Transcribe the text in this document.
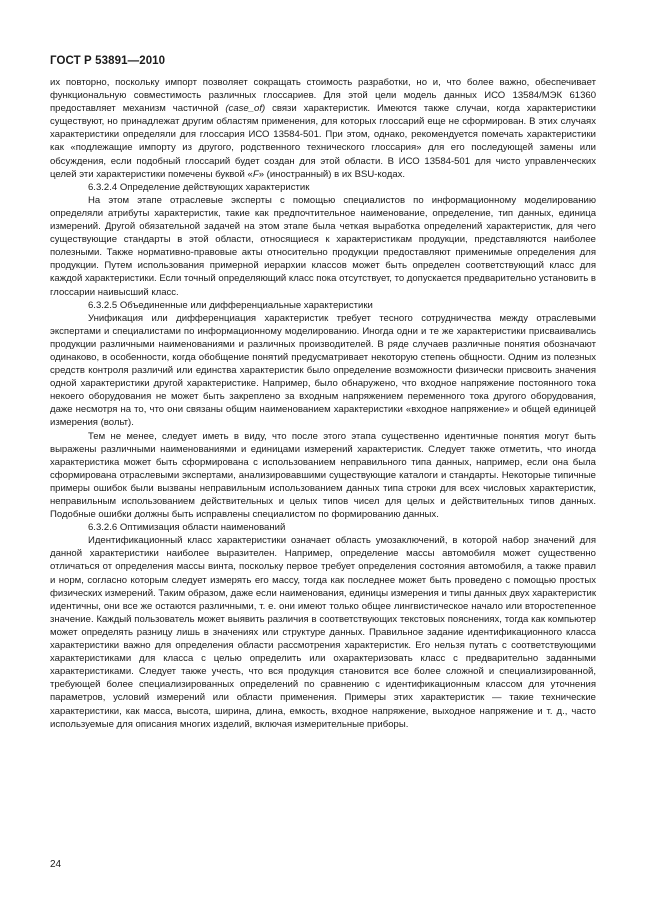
ГОСТ Р 53891—2010

их повторно, поскольку импорт позволяет сокращать стоимость разработки, но и, что более важно, обеспечивает функциональную совместимость различных глоссариев. Для этой цели модель данных ИСО 13584/МЭК 61360 предоставляет механизм частичной (case_of) связи характеристик. Имеются также случаи, когда характеристики существуют, но принадлежат другим областям применения, для которых глоссарий еще не сформирован. В этих случаях характеристики определяли для глоссария ИСО 13584-501. При этом, однако, рекомендуется помечать характеристики как «подлежащие импорту из другого, родственного технического глоссария» для его последующей замены или обсуждения, если подобный глоссарий будет создан для этой области. В ИСО 13584-501 для чисто управленческих целей эти характеристики помечены буквой «F» (иностранный) в их BSU-кодах.

6.3.2.4 Определение действующих характеристик

На этом этапе отраслевые эксперты с помощью специалистов по информационному моделированию определяли атрибуты характеристик, такие как предпочтительное наименование, определение, тип данных, единица измерений. Другой обязательной задачей на этом этапе была четкая выработка определений характеристик, для чего существующие стандарты в этой области, относящиеся к характеристикам продукции, представляются наиболее полезными. Также нормативно-правовые акты относительно продукции предоставляют применимые определения для продукции. Путем использования примерной иерархии классов может быть определен соответствующий класс для каждой характеристики. Если точный определяющий класс пока отсутствует, то допускается предварительно установить в глоссарии наивысший класс.

6.3.2.5 Объединенные или дифференциальные характеристики

Унификация или дифференциация характеристик требует тесного сотрудничества между отраслевыми экспертами и специалистами по информационному моделированию. Иногда одни и те же характеристики присваивались продукции различными наименованиями и различных производителей. В ряде случаев различные понятия обозначают одинаково, в особенности, когда обобщение понятий предусматривает некоторую степень общности. Одним из полезных средств контроля различий или единства характеристик было определение возможности физически присвоить значения одной характеристики другой характеристике. Например, было обнаружено, что входное напряжение постоянного тока некоего оборудования не может быть закреплено за входным напряжением переменного тока другого оборудования, даже несмотря на то, что они связаны общим наименованием характеристики «входное напряжение» и общей единицей измерения (вольт).

Тем не менее, следует иметь в виду, что после этого этапа существенно идентичные понятия могут быть выражены различными наименованиями и единицами измерений характеристик. Следует также отметить, что иногда характеристика может быть сформирована с использованием неправильного типа данных, например, если она была сформирована отраслевыми экспертами, анализировавшими существующие каталоги и стандарты. Некоторые типичные примеры ошибок были вызваны неправильным использованием данных типа строки для всех числовых характеристик, неправильным использованием действительных и целых типов чисел для целых и действительных типов данных. Подобные ошибки должны быть исправлены специалистом по формированию данных.

6.3.2.6 Оптимизация области наименований

Идентификационный класс характеристики означает область умозаключений, в которой набор значений для данной характеристики наиболее выразителен. Например, определение массы автомобиля может существенно отличаться от определения массы винта, поскольку первое требует определения состояния автомобиля, а также правил и норм, согласно которым следует измерять его массу, тогда как последнее может быть проведено с помощью простых физических измерений. Таким образом, даже если наименования, единицы измерения и типы данных двух характеристик идентичны, они все же остаются различными, т. е. они имеют только общее лингвистическое начало или второстепенное значение. Каждый пользователь может выявить различия в соответствующих текстовых пояснениях, тогда как компьютер может определять разницу лишь в значениях или структуре данных. Правильное задание идентификационного класса характеристики важно для определения области рассмотрения характеристик. Его нельзя путать с соответствующими характеристиками для класса с целью определить или охарактеризовать класс с предварительно заданными характеристиками. Следует также учесть, что вся продукция становится все более сложной и специализированной, требующей более специализированных определений по сравнению с идентификационным классом для уточнения параметров, условий измерений или области применения. Примеры этих характеристик — такие технические характеристики, как масса, высота, ширина, длина, емкость, входное напряжение, выходное напряжение и т. д., часто используемые для описания многих изделий, включая измерительные приборы.

24
